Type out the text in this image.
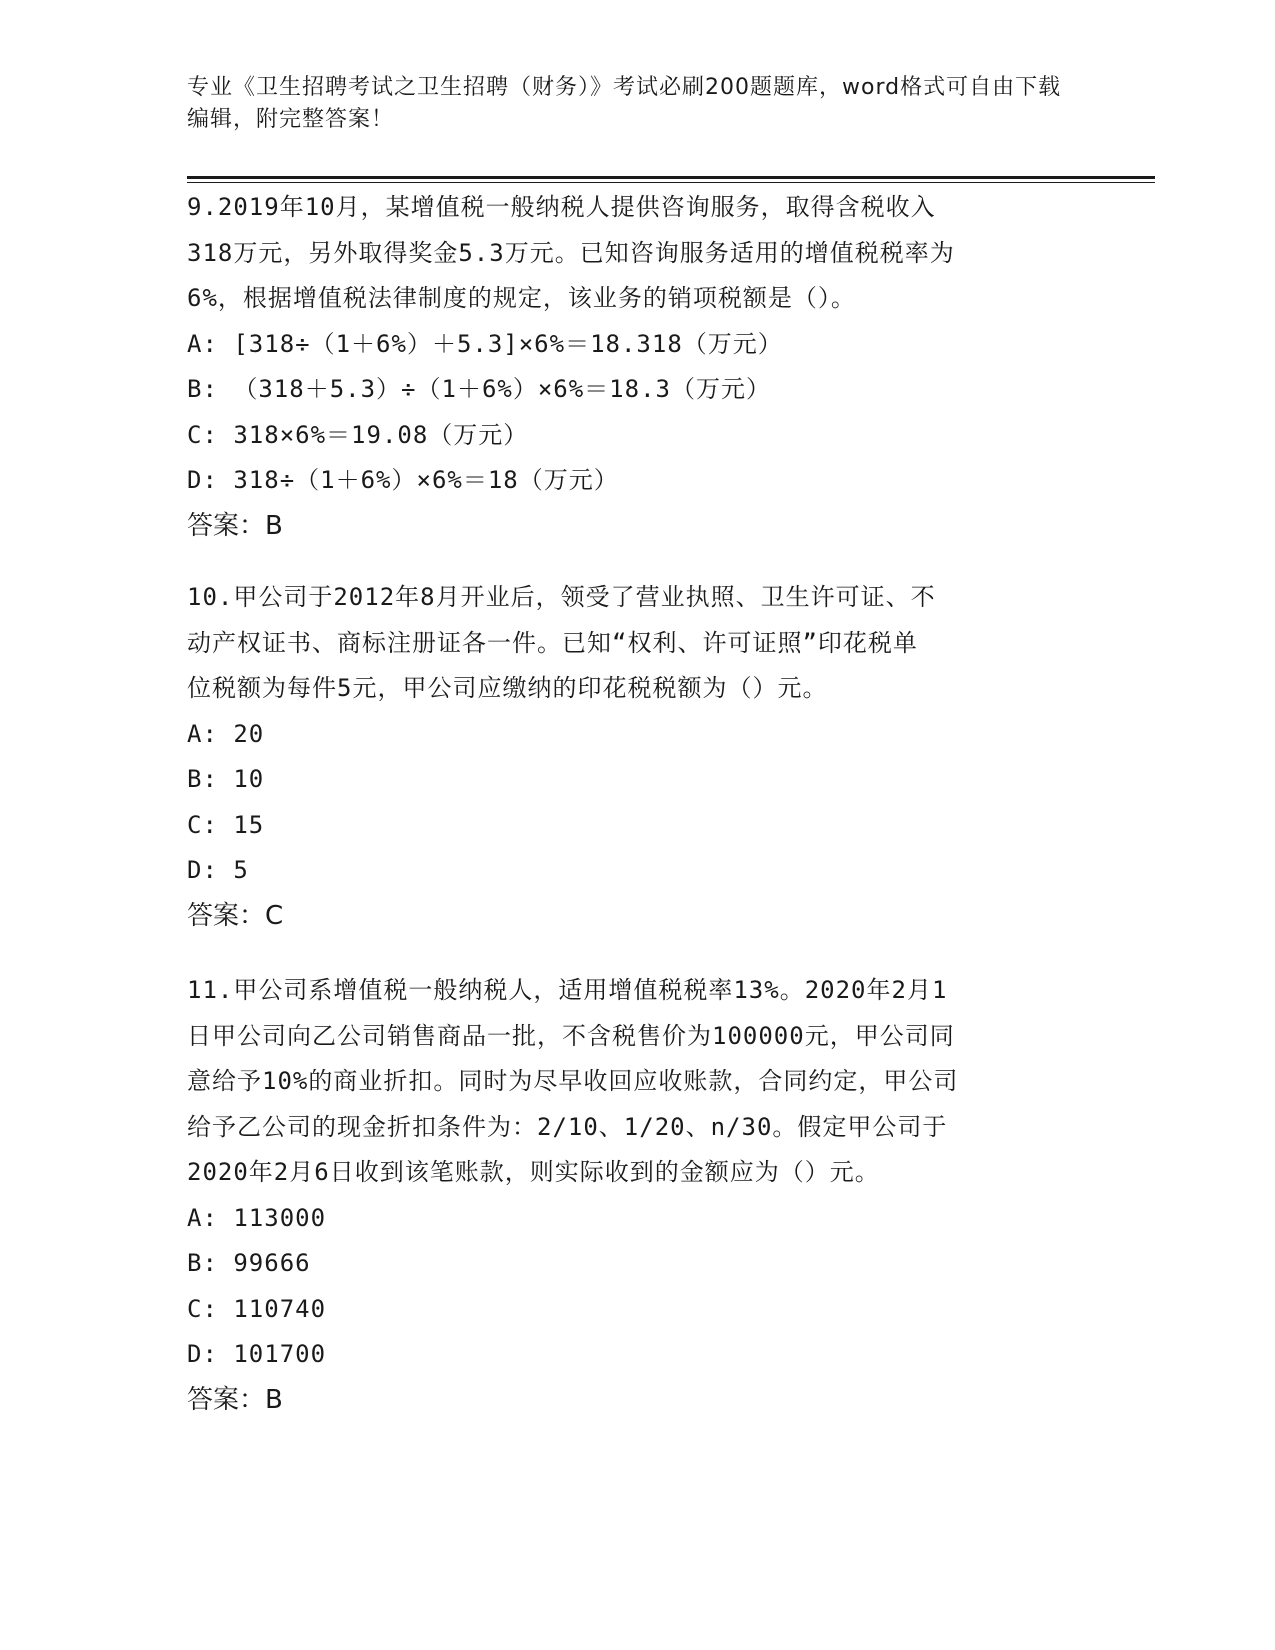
专业《卫生招聘考试之卫生招聘（财务）》考试必刷200题题库，word格式可自由下载编辑，附完整答案！
9.2019年10月，某增值税一般纳税人提供咨询服务，取得含税收入
318万元，另外取得奖金5.3万元。已知咨询服务适用的增值税税率为
6%，根据增值税法律制度的规定，该业务的销项税额是（）。
A: [318÷（1＋6%）＋5.3]×6%＝18.318（万元）
B: （318＋5.3）÷（1＋6%）×6%＝18.3（万元）
C: 318×6%＝19.08（万元）
D: 318÷（1＋6%）×6%＝18（万元）
答案：B
10.甲公司于2012年8月开业后，领受了营业执照、卫生许可证、不
动产权证书、商标注册证各一件。已知“权利、许可证照”印花税单
位税额为每件5元，甲公司应缴纳的印花税税额为（）元。
A: 20
B: 10
C: 15
D: 5
答案：C
11.甲公司系增值税一般纳税人，适用增值税税率13%。2020年2月1
日甲公司向乙公司销售商品一批，不含税售价为100000元，甲公司同
意给予10%的商业折扣。同时为尽早收回应收账款，合同约定，甲公司
给予乙公司的现金折扣条件为：2/10、1/20、n/30。假定甲公司于
2020年2月6日收到该笔账款，则实际收到的金额应为（）元。
A: 113000
B: 99666
C: 110740
D: 101700
答案：B
